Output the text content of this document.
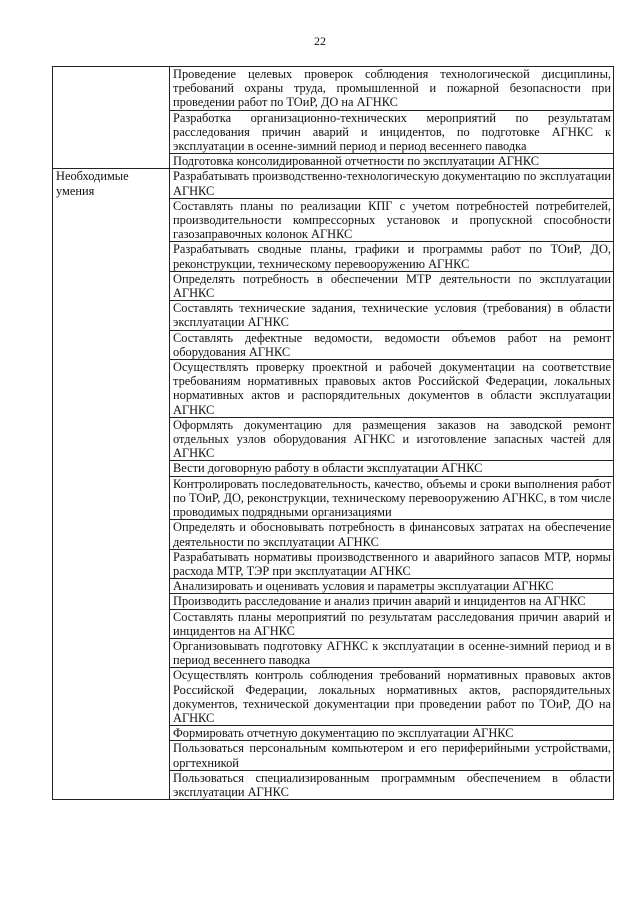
22

	Проведение целевых проверок соблюдения технологической дисциплины, требований охраны труда, промышленной и пожарной безопасности при проведении работ по ТОиР, ДО на АГНКС

	Разработка организационно-технических мероприятий по результатам расследования причин аварий и инцидентов, по подготовке АГНКС к эксплуатации в осенне-зимний период и период весеннего паводка

	Подготовка консолидированной отчетности по эксплуатации АГНКС

Необходимые умения	Разрабатывать производственно-технологическую документацию по эксплуатации АГНКС

	Составлять планы по реализации КПГ с учетом потребностей потребителей, производительности компрессорных установок и пропускной способности газозаправочных колонок АГНКС

	Разрабатывать сводные планы, графики и программы работ по ТОиР, ДО, реконструкции, техническому перевооружению АГНКС

	Определять потребность в обеспечении МТР деятельности по эксплуатации АГНКС

	Составлять технические задания, технические условия (требования) в области эксплуатации АГНКС

	Составлять дефектные ведомости, ведомости объемов работ на ремонт оборудования АГНКС

	Осуществлять проверку проектной и рабочей документации на соответствие требованиям нормативных правовых актов Российской Федерации, локальных нормативных актов и распорядительных документов в области эксплуатации АГНКС

	Оформлять документацию для размещения заказов на заводской ремонт отдельных узлов оборудования АГНКС и изготовление запасных частей для АГНКС

	Вести договорную работу в области эксплуатации АГНКС

	Контролировать последовательность, качество, объемы и сроки выполнения работ по ТОиР, ДО, реконструкции, техническому перевооружению АГНКС, в том числе проводимых подрядными организациями

	Определять и обосновывать потребность в финансовых затратах на обеспечение деятельности по эксплуатации АГНКС

	Разрабатывать нормативы производственного и аварийного запасов МТР, нормы расхода МТР, ТЭР при эксплуатации АГНКС

	Анализировать и оценивать условия и параметры эксплуатации АГНКС

	Производить расследование и анализ причин аварий и инцидентов на АГНКС

	Составлять планы мероприятий по результатам расследования причин аварий и инцидентов на АГНКС

	Организовывать подготовку АГНКС к эксплуатации в осенне-зимний период и в период весеннего паводка

	Осуществлять контроль соблюдения требований нормативных правовых актов Российской Федерации, локальных нормативных актов, распорядительных документов, технической документации при проведении работ по ТОиР, ДО на АГНКС

	Формировать отчетную документацию по эксплуатации АГНКС

	Пользоваться персональным компьютером и его периферийными устройствами, оргтехникой

	Пользоваться специализированным программным обеспечением в области эксплуатации АГНКС
